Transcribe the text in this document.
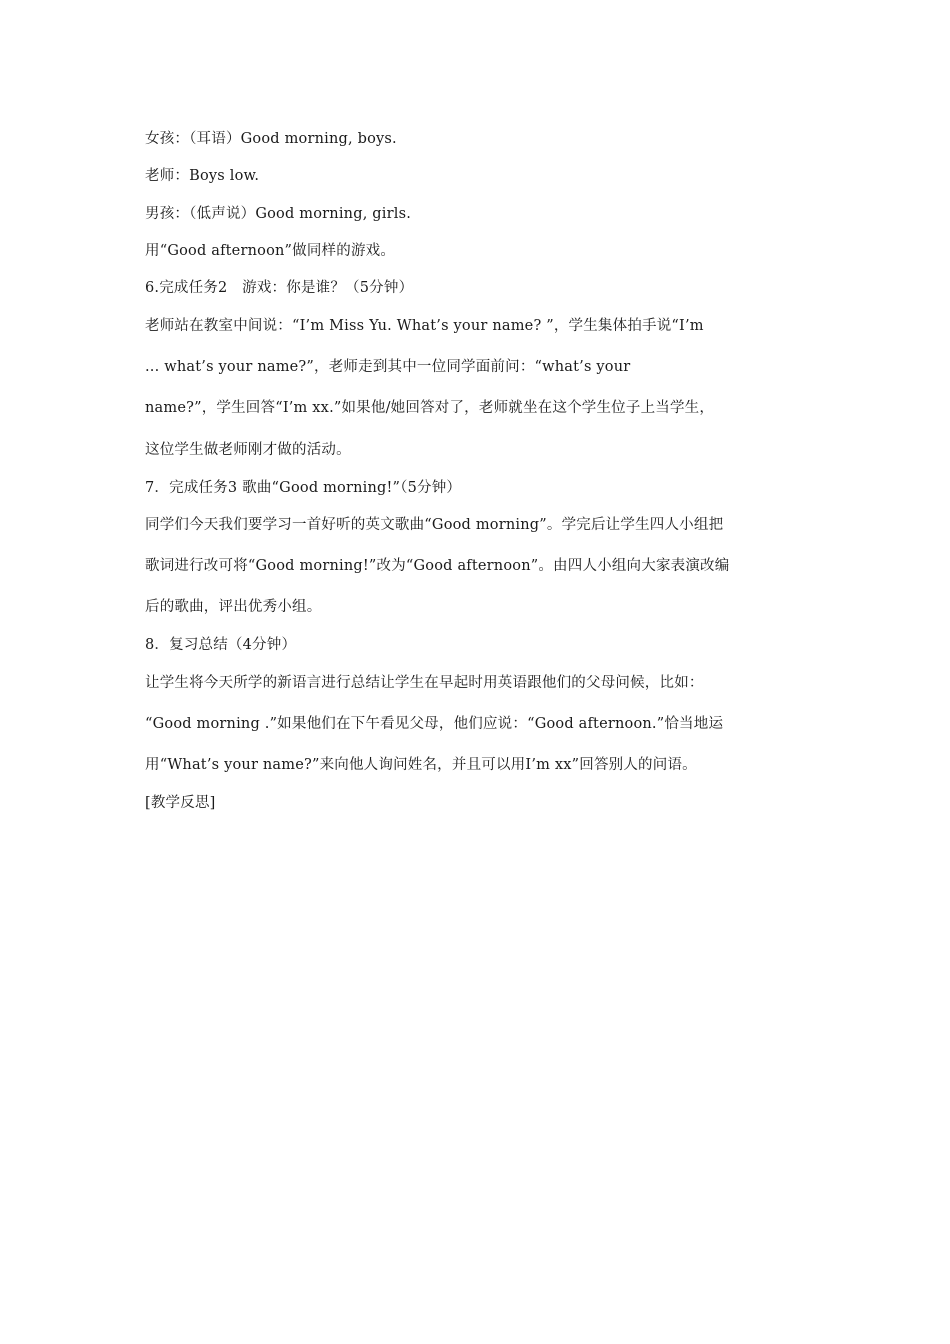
女孩：（耳语）Good morning, boys.
老师：Boys low.
男孩：（低声说）Good morning, girls.
用“Good afternoon”做同样的游戏。
6.完成任务2　游戏：你是谁？（5分钟）
老师站在教室中间说：“I’m Miss Yu. What’s your name? ”，学生集体拍手说“I’m
... what’s your name?”，老师走到其中一位同学面前问：“what’s your
name?”，学生回答“I’m xx.”如果他/她回答对了，老师就坐在这个学生位子上当学生，
这位学生做老师刚才做的活动。
7．完成任务3 歌曲“Good morning!”（5分钟）
同学们今天我们要学习一首好听的英文歌曲“Good morning”。学完后让学生四人小组把
歌词进行改可将“Good morning!”改为“Good afternoon”。由四人小组向大家表演改编
后的歌曲，评出优秀小组。
8．复习总结（4分钟）
让学生将今天所学的新语言进行总结让学生在早起时用英语跟他们的父母问候，比如：
“Good morning .”如果他们在下午看见父母，他们应说：“Good afternoon.”恰当地运
用“What’s your name?”来向他人询问姓名，并且可以用I’m xx”回答别人的问语。
[教学反思]
